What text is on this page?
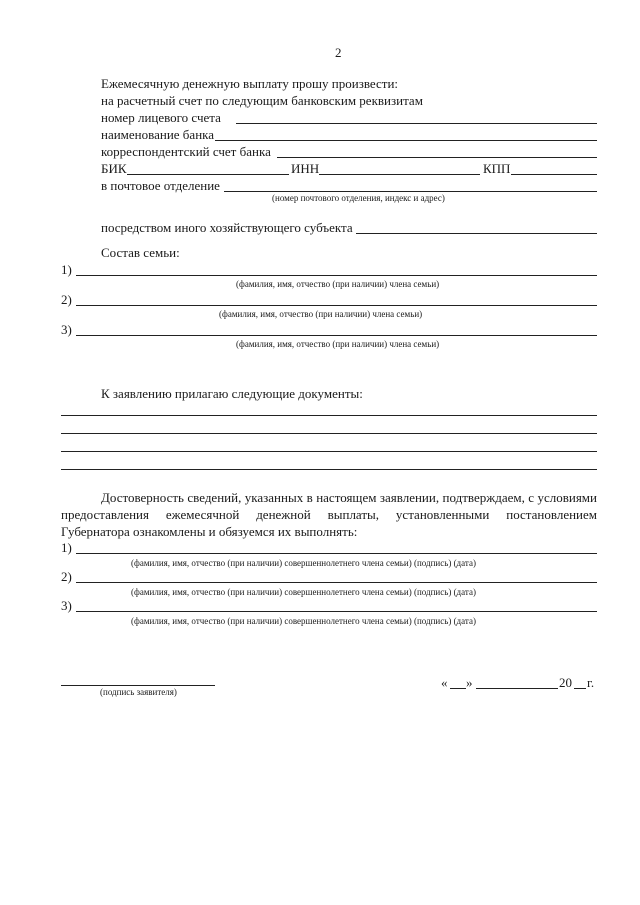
2
Ежемесячную денежную выплату прошу произвести:
на расчетный счет по следующим банковским реквизитам
номер лицевого счета
наименование банка
корреспондентский счет банка
БИК	ИНН	КПП
в почтовое отделение
(номер почтового отделения, индекс и адрес)
посредством иного хозяйствующего субъекта
Состав семьи:
1)
(фамилия, имя, отчество (при наличии) члена семьи)
2)
(фамилия, имя, отчество (при наличии) члена семьи)
3)
(фамилия, имя, отчество (при наличии) члена семьи)
К заявлению прилагаю следующие документы:
Достоверность сведений, указанных в настоящем заявлении, подтверждаем, с условиями предоставления ежемесячной денежной выплаты, установленными постановлением Губернатора ознакомлены и обязуемся их выполнять:
1)
(фамилия, имя, отчество (при наличии) совершеннолетнего члена семьи) (подпись) (дата)
2)
(фамилия, имя, отчество (при наличии) совершеннолетнего члена семьи) (подпись) (дата)
3)
(фамилия, имя, отчество (при наличии) совершеннолетнего члена семьи) (подпись) (дата)
(подпись заявителя)
« »	20 г.
